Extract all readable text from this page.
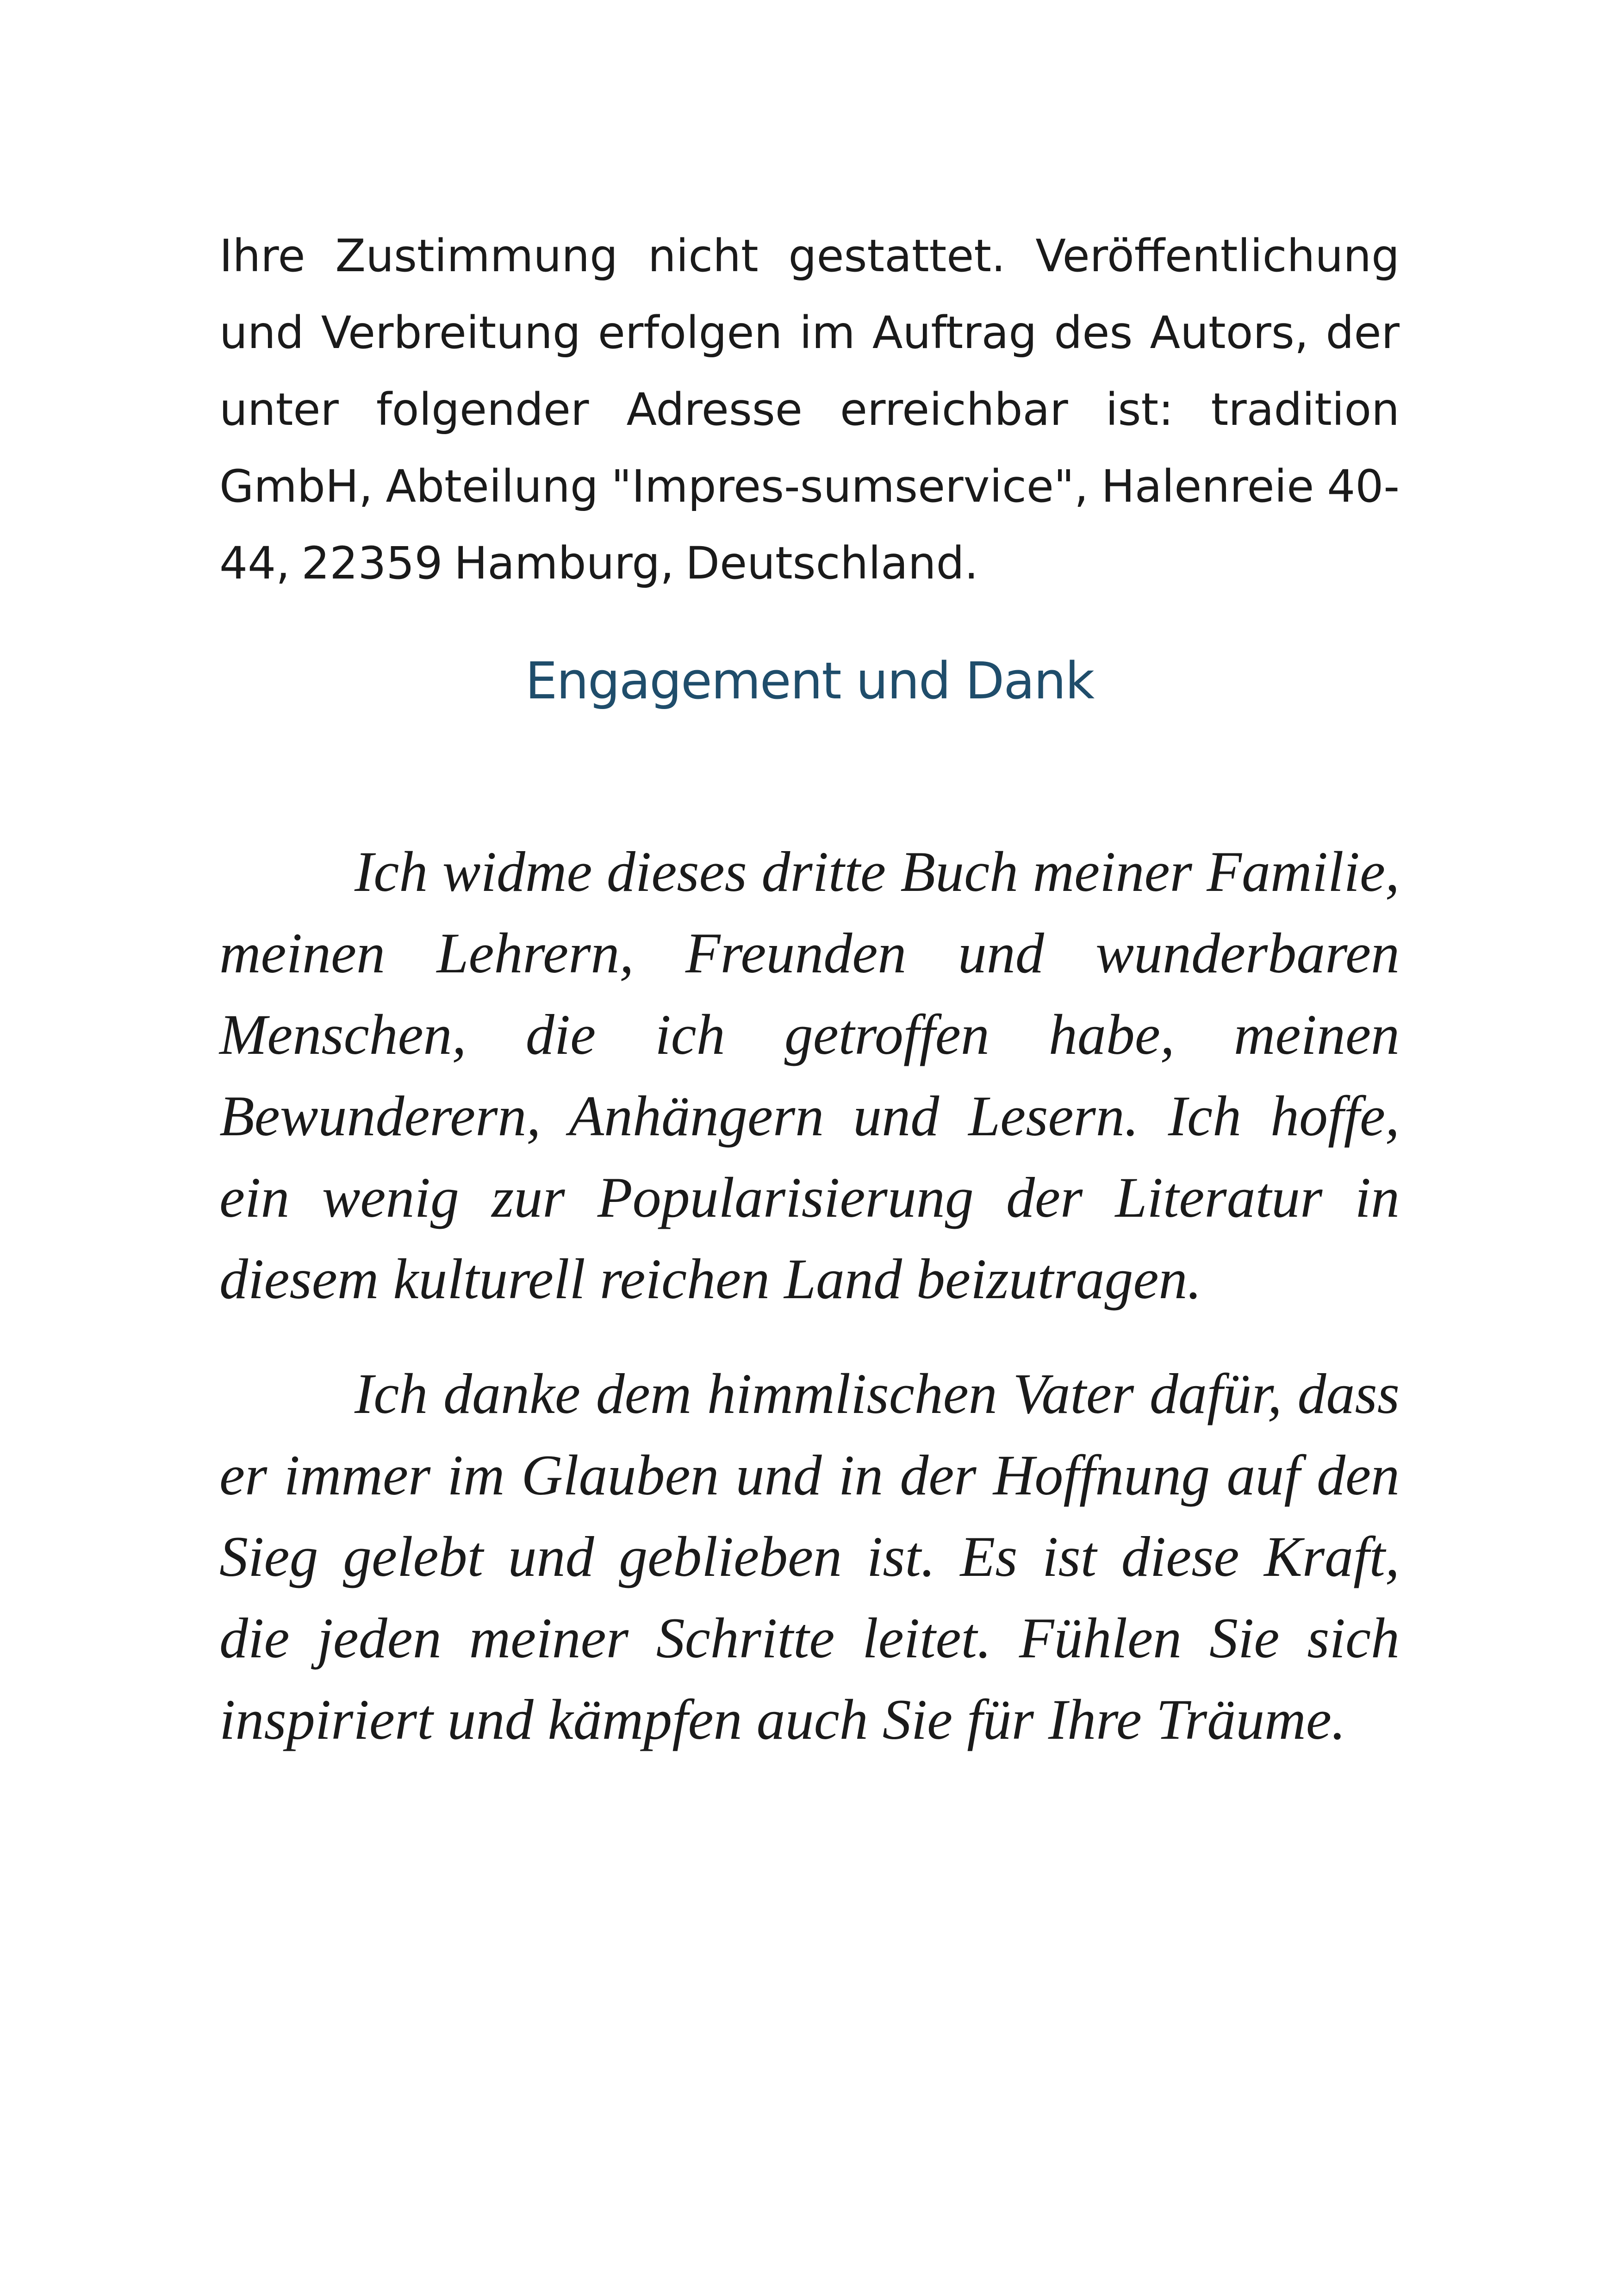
Ihre Zustimmung nicht gestattet. Veröffentlichung und Verbreitung erfolgen im Auftrag des Autors, der unter folgender Adresse erreichbar ist: tradition GmbH, Abteilung "Impres-sumservice", Halenreie 40-44, 22359 Hamburg, Deutschland.

Engagement und Dank

Ich widme dieses dritte Buch meiner Familie, meinen Lehrern, Freunden und wunderbaren Menschen, die ich getroffen habe, meinen Bewunderern, Anhängern und Lesern. Ich hoffe, ein wenig zur Popularisierung der Literatur in diesem kulturell reichen Land beizutragen.

Ich danke dem himmlischen Vater dafür, dass er immer im Glauben und in der Hoffnung auf den Sieg gelebt und geblieben ist. Es ist diese Kraft, die jeden meiner Schritte leitet. Fühlen Sie sich inspiriert und kämpfen auch Sie für Ihre Träume.
